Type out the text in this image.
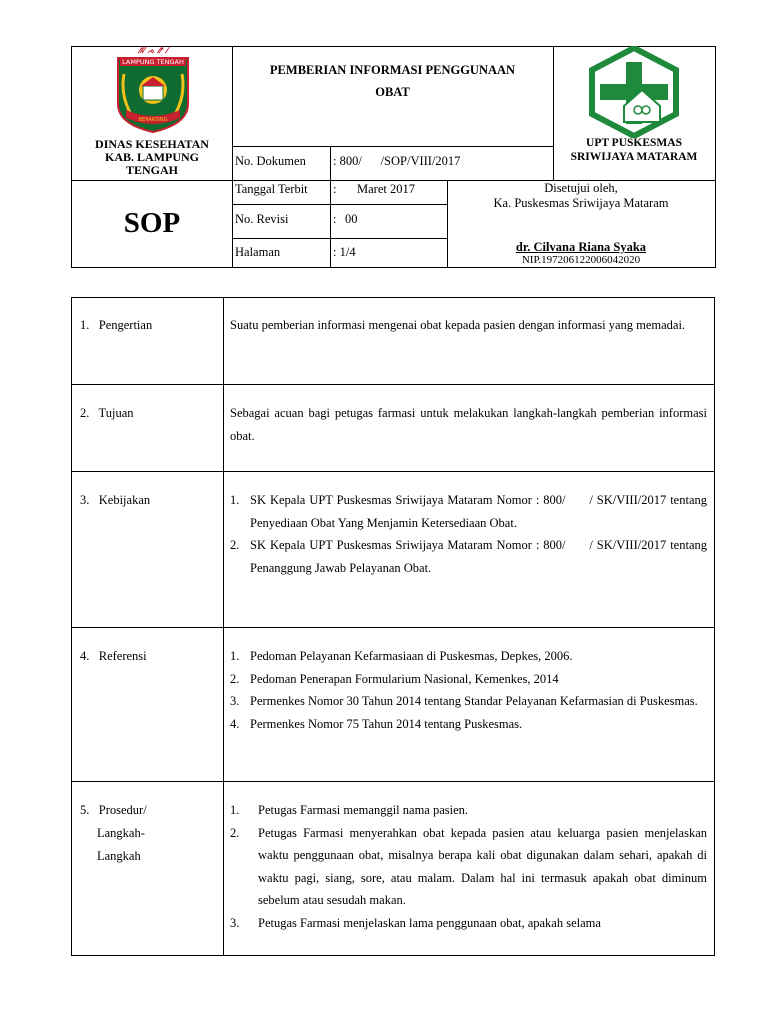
ꤲ ᨍ ꤼ ꤷ
LAMPUNG TENGAH
BERARSING
DINAS KESEHATAN
KAB. LAMPUNG
TENGAH
PEMBERIAN INFORMASI PENGGUNAAN
OBAT
UPT PUSKESMAS
SRIWIJAYA MATARAM
No. Dokumen : 800/      /SOP/VIII/2017
SOP
Tanggal Terbit : Maret 2017
No. Revisi	: 00
Halaman	: 1/4
Disetujui oleh,
Ka. Puskesmas Sriwijaya Mataram
dr. Cilvana Riana Syaka
NIP.197206122006042020
1.   Pengertian	Suatu pemberian informasi mengenai obat kepada pasien dengan informasi yang memadai.
2.   Tujuan	Sebagai acuan bagi petugas farmasi untuk melakukan langkah-langkah pemberian informasi obat.
3.   Kebijakan	1. SK Kepala UPT Puskesmas Sriwijaya Mataram Nomor : 800/      / SK/VIII/2017 tentang Penyediaan Obat Yang Menjamin Ketersediaan Obat.
2. SK Kepala UPT Puskesmas Sriwijaya Mataram Nomor : 800/      / SK/VIII/2017 tentang Penanggung Jawab Pelayanan Obat.
4.   Referensi	1. Pedoman Pelayanan Kefarmasiaan di Puskesmas, Depkes, 2006.
2. Pedoman Penerapan Formularium Nasional, Kemenkes, 2014
3. Permenkes Nomor 30 Tahun 2014 tentang Standar Pelayanan Kefarmasian di Puskesmas.
4. Permenkes Nomor 75 Tahun 2014 tentang Puskesmas.
5.   Prosedur/
Langkah-
Langkah
1. Petugas Farmasi memanggil nama pasien.
2. Petugas Farmasi menyerahkan obat kepada pasien atau keluarga pasien menjelaskan waktu penggunaan obat, misalnya berapa kali obat digunakan dalam sehari, apakah di waktu pagi, siang, sore, atau malam. Dalam hal ini termasuk apakah obat diminum sebelum atau sesudah makan.
3. Petugas Farmasi menjelaskan lama penggunaan obat, apakah selama
